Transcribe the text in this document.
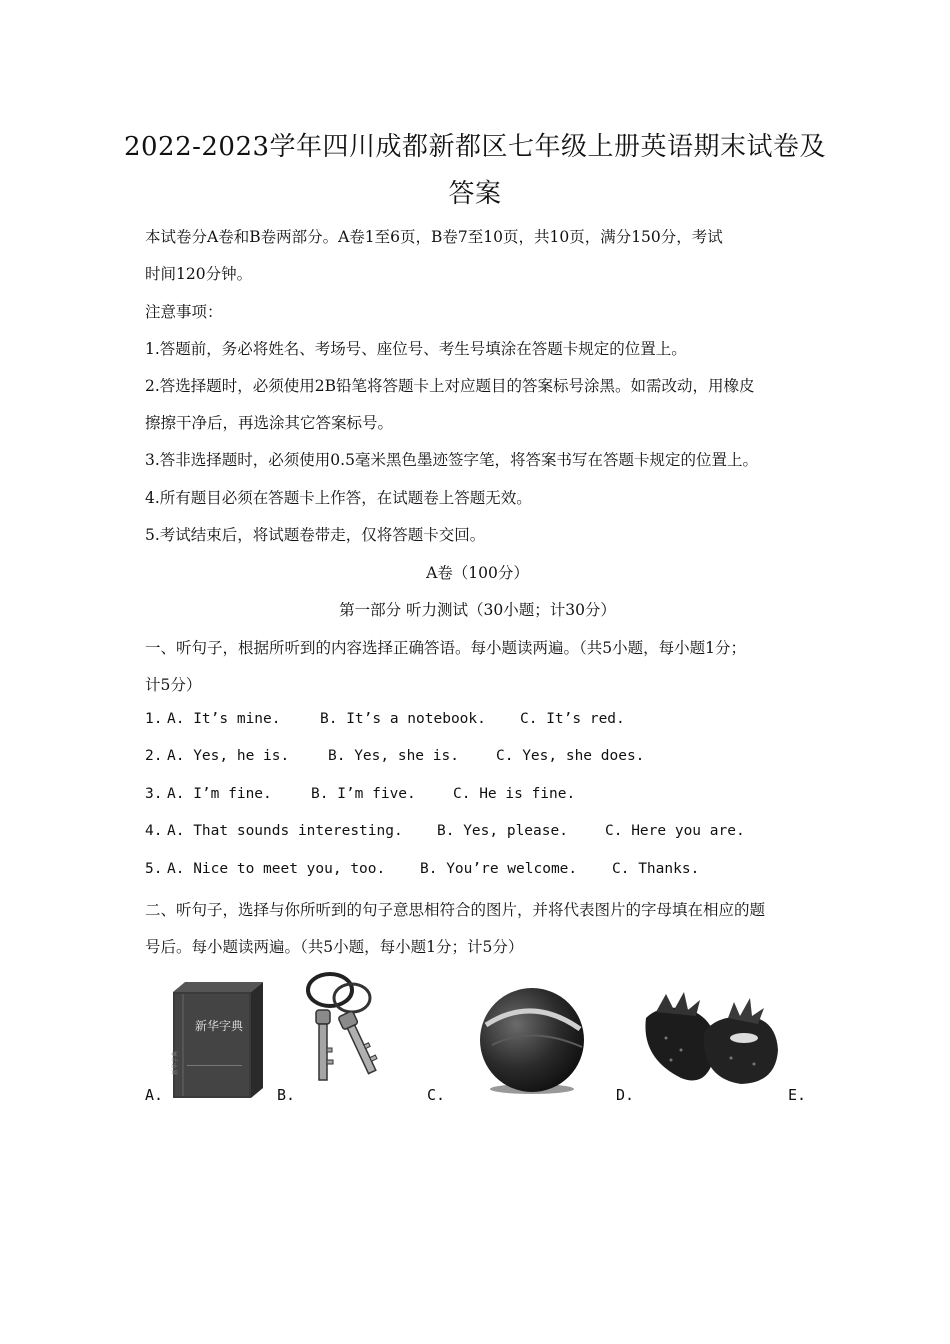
2022-2023学年四川成都新都区七年级上册英语期末试卷及
答案
本试卷分A卷和B卷两部分。A卷1至6页，B卷7至10页，共10页，满分150分，考试
时间120分钟。
注意事项：
1.答题前，务必将姓名、考场号、座位号、考生号填涂在答题卡规定的位置上。
2.答选择题时，必须使用2B铅笔将答题卡上对应题目的答案标号涂黑。如需改动，用橡皮
擦擦干净后，再选涂其它答案标号。
3.答非选择题时，必须使用0.5毫米黑色墨迹签字笔，将答案书写在答题卡规定的位置上。
4.所有题目必须在答题卡上作答，在试题卷上答题无效。
5.考试结束后，将试题卷带走，仅将答题卡交回。
A卷（100分）
第一部分 听力测试（30小题；计30分）
一、听句子，根据所听到的内容选择正确答语。每小题读两遍。（共5小题，每小题1分；
计5分）
1. A. It’s mine.	B. It’s a notebook. C. It’s red.
2. A. Yes, he is.	B. Yes, she is.	C. Yes, she does.
3. A. I’m fine.	B. I’m five.	C. He is fine.
4. A. That sounds interesting. B. Yes, please.	C. Here you are.
5. A. Nice to meet you, too. B. You’re welcome. C. Thanks.
二、听句子，选择与你所听到的句子意思相符合的图片，并将代表图片的字母填在相应的题
号后。每小题读两遍。（共5小题，每小题1分；计5分）
新华字典
新华字典
A.	B.	C.	D.	E.
